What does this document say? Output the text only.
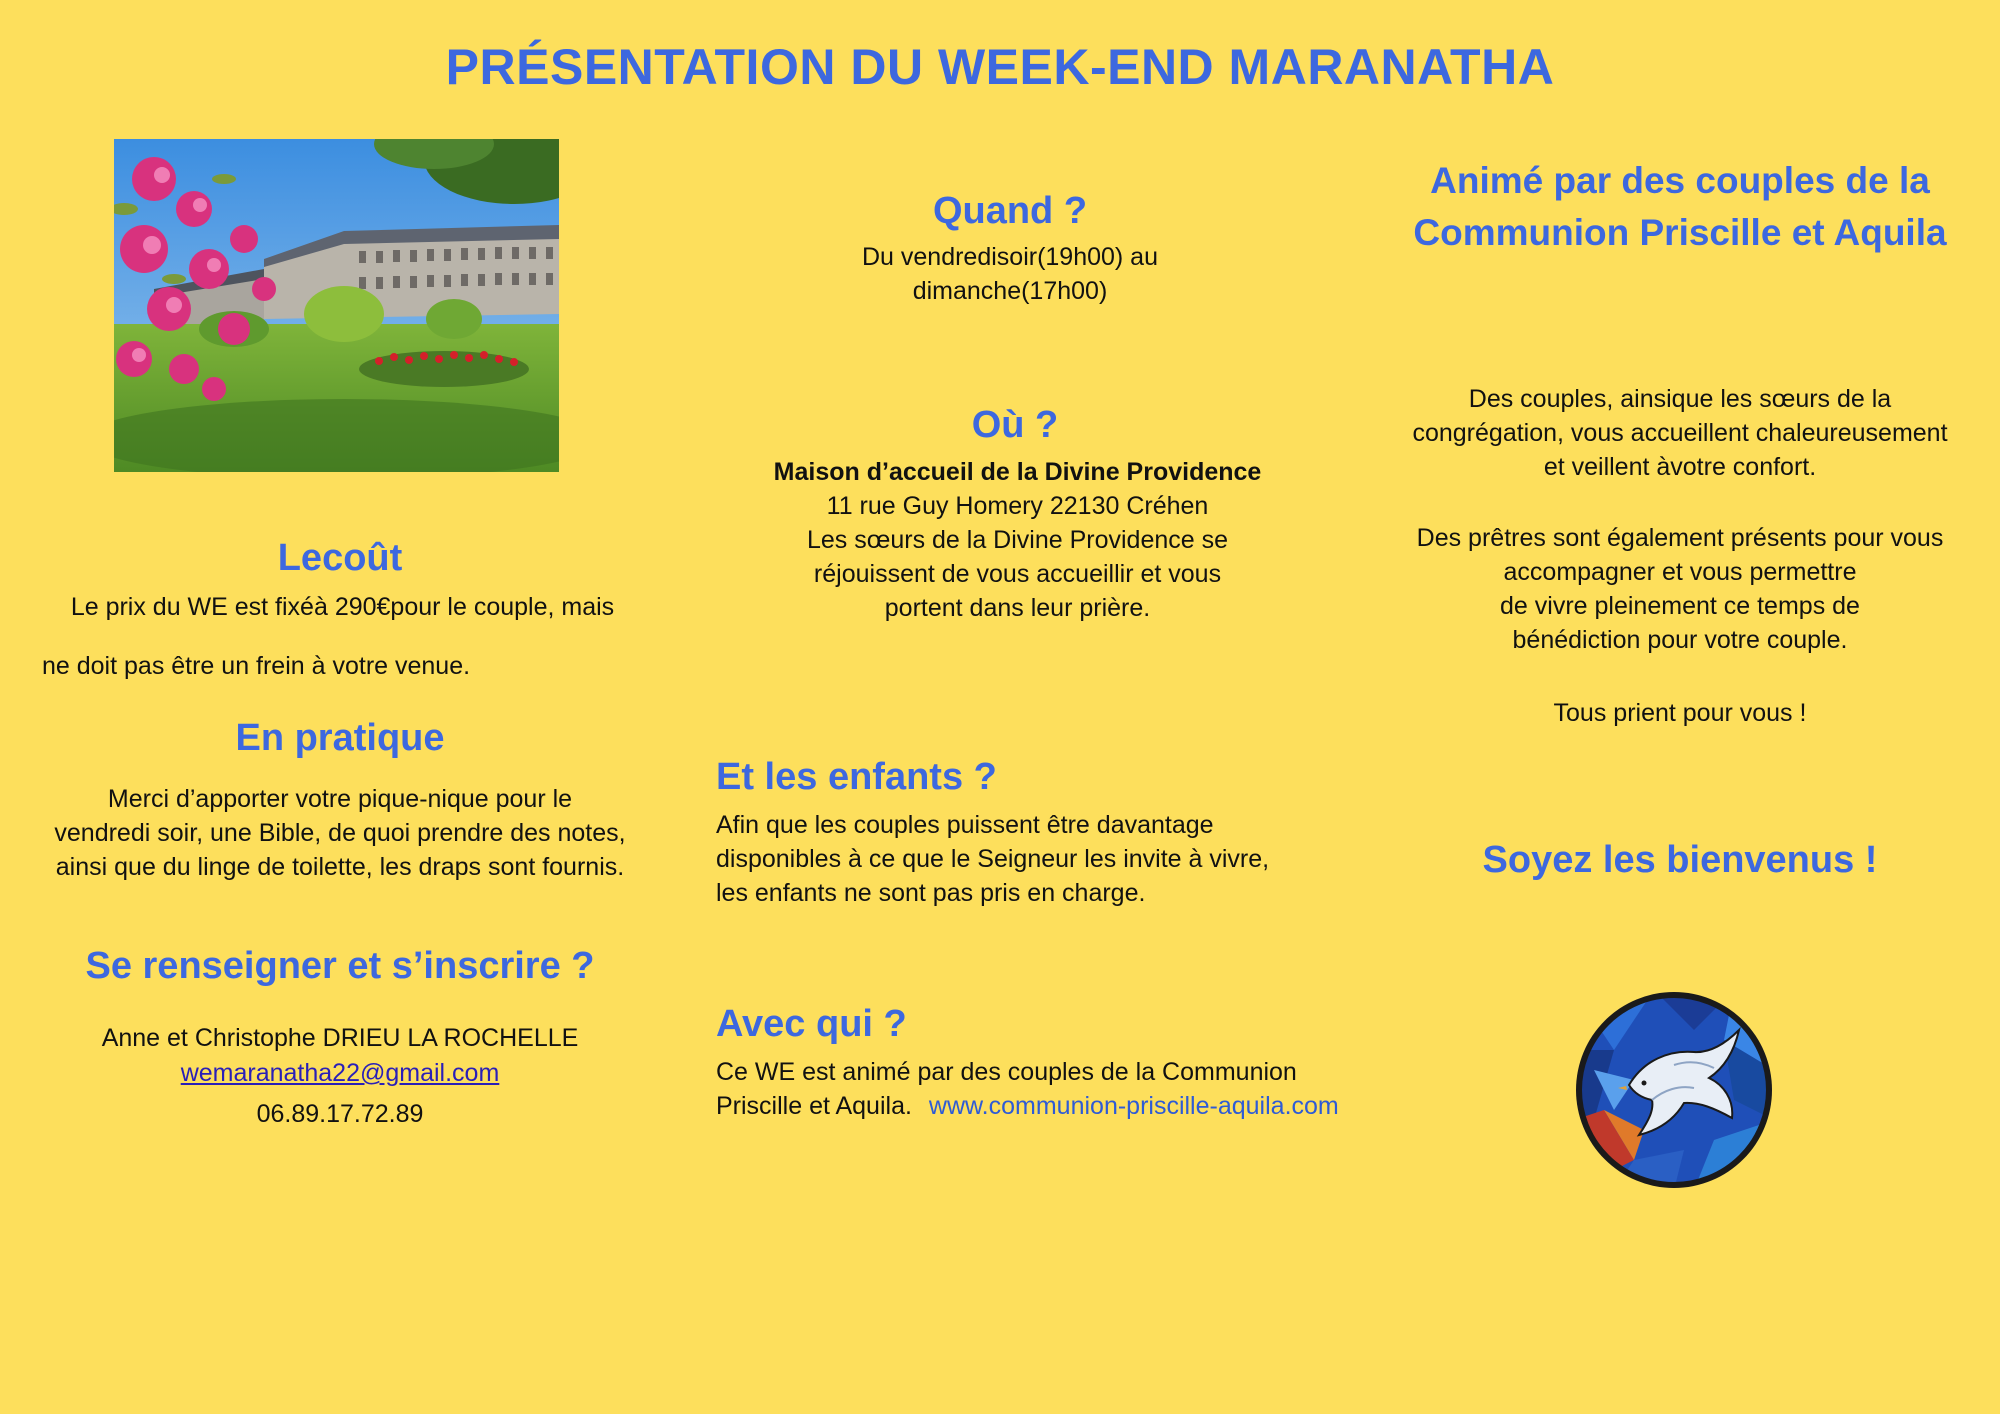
PRÉSENTATION DU WEEK-END MARANATHA
Lecoût
Le prix du WE est fixéà 290€pour le couple, mais
ne doit pas être un frein à votre venue.
En pratique
Merci d’apporter votre pique-nique pour le
vendredi soir, une Bible, de quoi prendre des notes,
ainsi que du linge de toilette, les draps sont fournis.
Se renseigner et s’inscrire ?
Anne et Christophe DRIEU LA ROCHELLE
wemaranatha22@gmail.com
06.89.17.72.89
Quand ?
Du vendredisoir(19h00) au
dimanche(17h00)
Où ?
Maison d’accueil de la Divine Providence
11 rue Guy Homery 22130 Créhen
Les sœurs de la Divine Providence se
réjouissent de vous accueillir et vous
portent dans leur prière.
Et les enfants ?
Afin que les couples puissent être davantage
disponibles à ce que le Seigneur les invite à vivre,
les enfants ne sont pas pris en charge.
Avec qui ?
Ce WE est animé par des couples de la Communion
Priscille et Aquila. www.communion-priscille-aquila.com
Animé par des couples de la
Communion Priscille et Aquila
Des couples, ainsique les sœurs de la
congrégation, vous accueillent chaleureusement
et veillent àvotre confort.
Des prêtres sont également présents pour vous
accompagner et vous permettre
de vivre pleinement ce temps de
bénédiction pour votre couple.
Tous prient pour vous !
Soyez les bienvenus !
